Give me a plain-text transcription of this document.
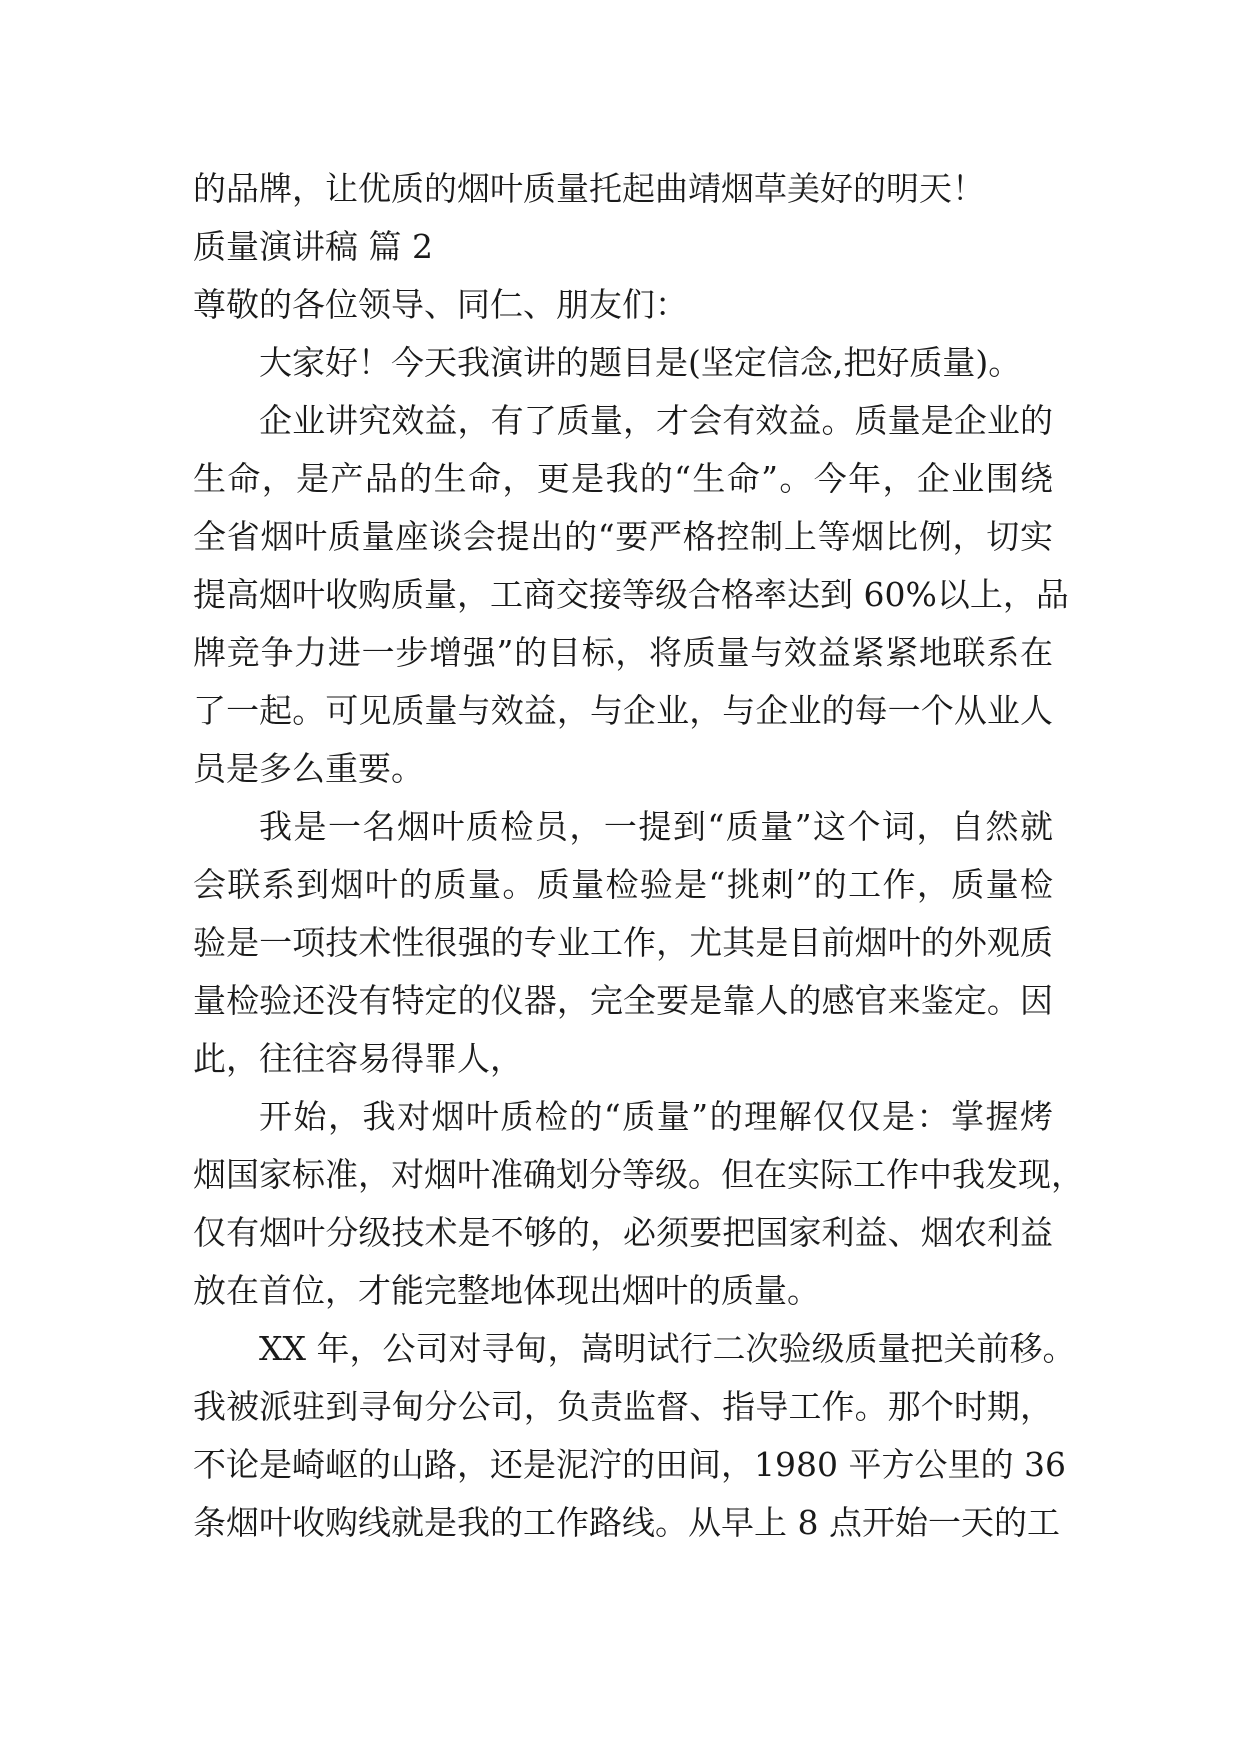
的品牌，让优质的烟叶质量托起曲靖烟草美好的明天！
质量演讲稿 篇 2
尊敬的各位领导、同仁、朋友们：
大家好！今天我演讲的题目是(坚定信念,把好质量)。
企业讲究效益，有了质量，才会有效益。质量是企业的
生命，是产品的生命，更是我的“生命”。今年，企业围绕
全省烟叶质量座谈会提出的“要严格控制上等烟比例，切实
提高烟叶收购质量，工商交接等级合格率达到 60%以上，品
牌竞争力进一步增强”的目标，将质量与效益紧紧地联系在
了一起。可见质量与效益，与企业，与企业的每一个从业人
员是多么重要。
我是一名烟叶质检员，一提到“质量”这个词，自然就
会联系到烟叶的质量。质量检验是“挑刺”的工作，质量检
验是一项技术性很强的专业工作，尤其是目前烟叶的外观质
量检验还没有特定的仪器，完全要是靠人的感官来鉴定。因
此，往往容易得罪人，
开始，我对烟叶质检的“质量”的理解仅仅是：掌握烤
烟国家标准，对烟叶准确划分等级。但在实际工作中我发现，
仅有烟叶分级技术是不够的，必须要把国家利益、烟农利益
放在首位，才能完整地体现出烟叶的质量。
XX 年，公司对寻甸，嵩明试行二次验级质量把关前移。
我被派驻到寻甸分公司，负责监督、指导工作。那个时期，
不论是崎岖的山路，还是泥泞的田间，1980 平方公里的 36
条烟叶收购线就是我的工作路线。从早上 8 点开始一天的工
